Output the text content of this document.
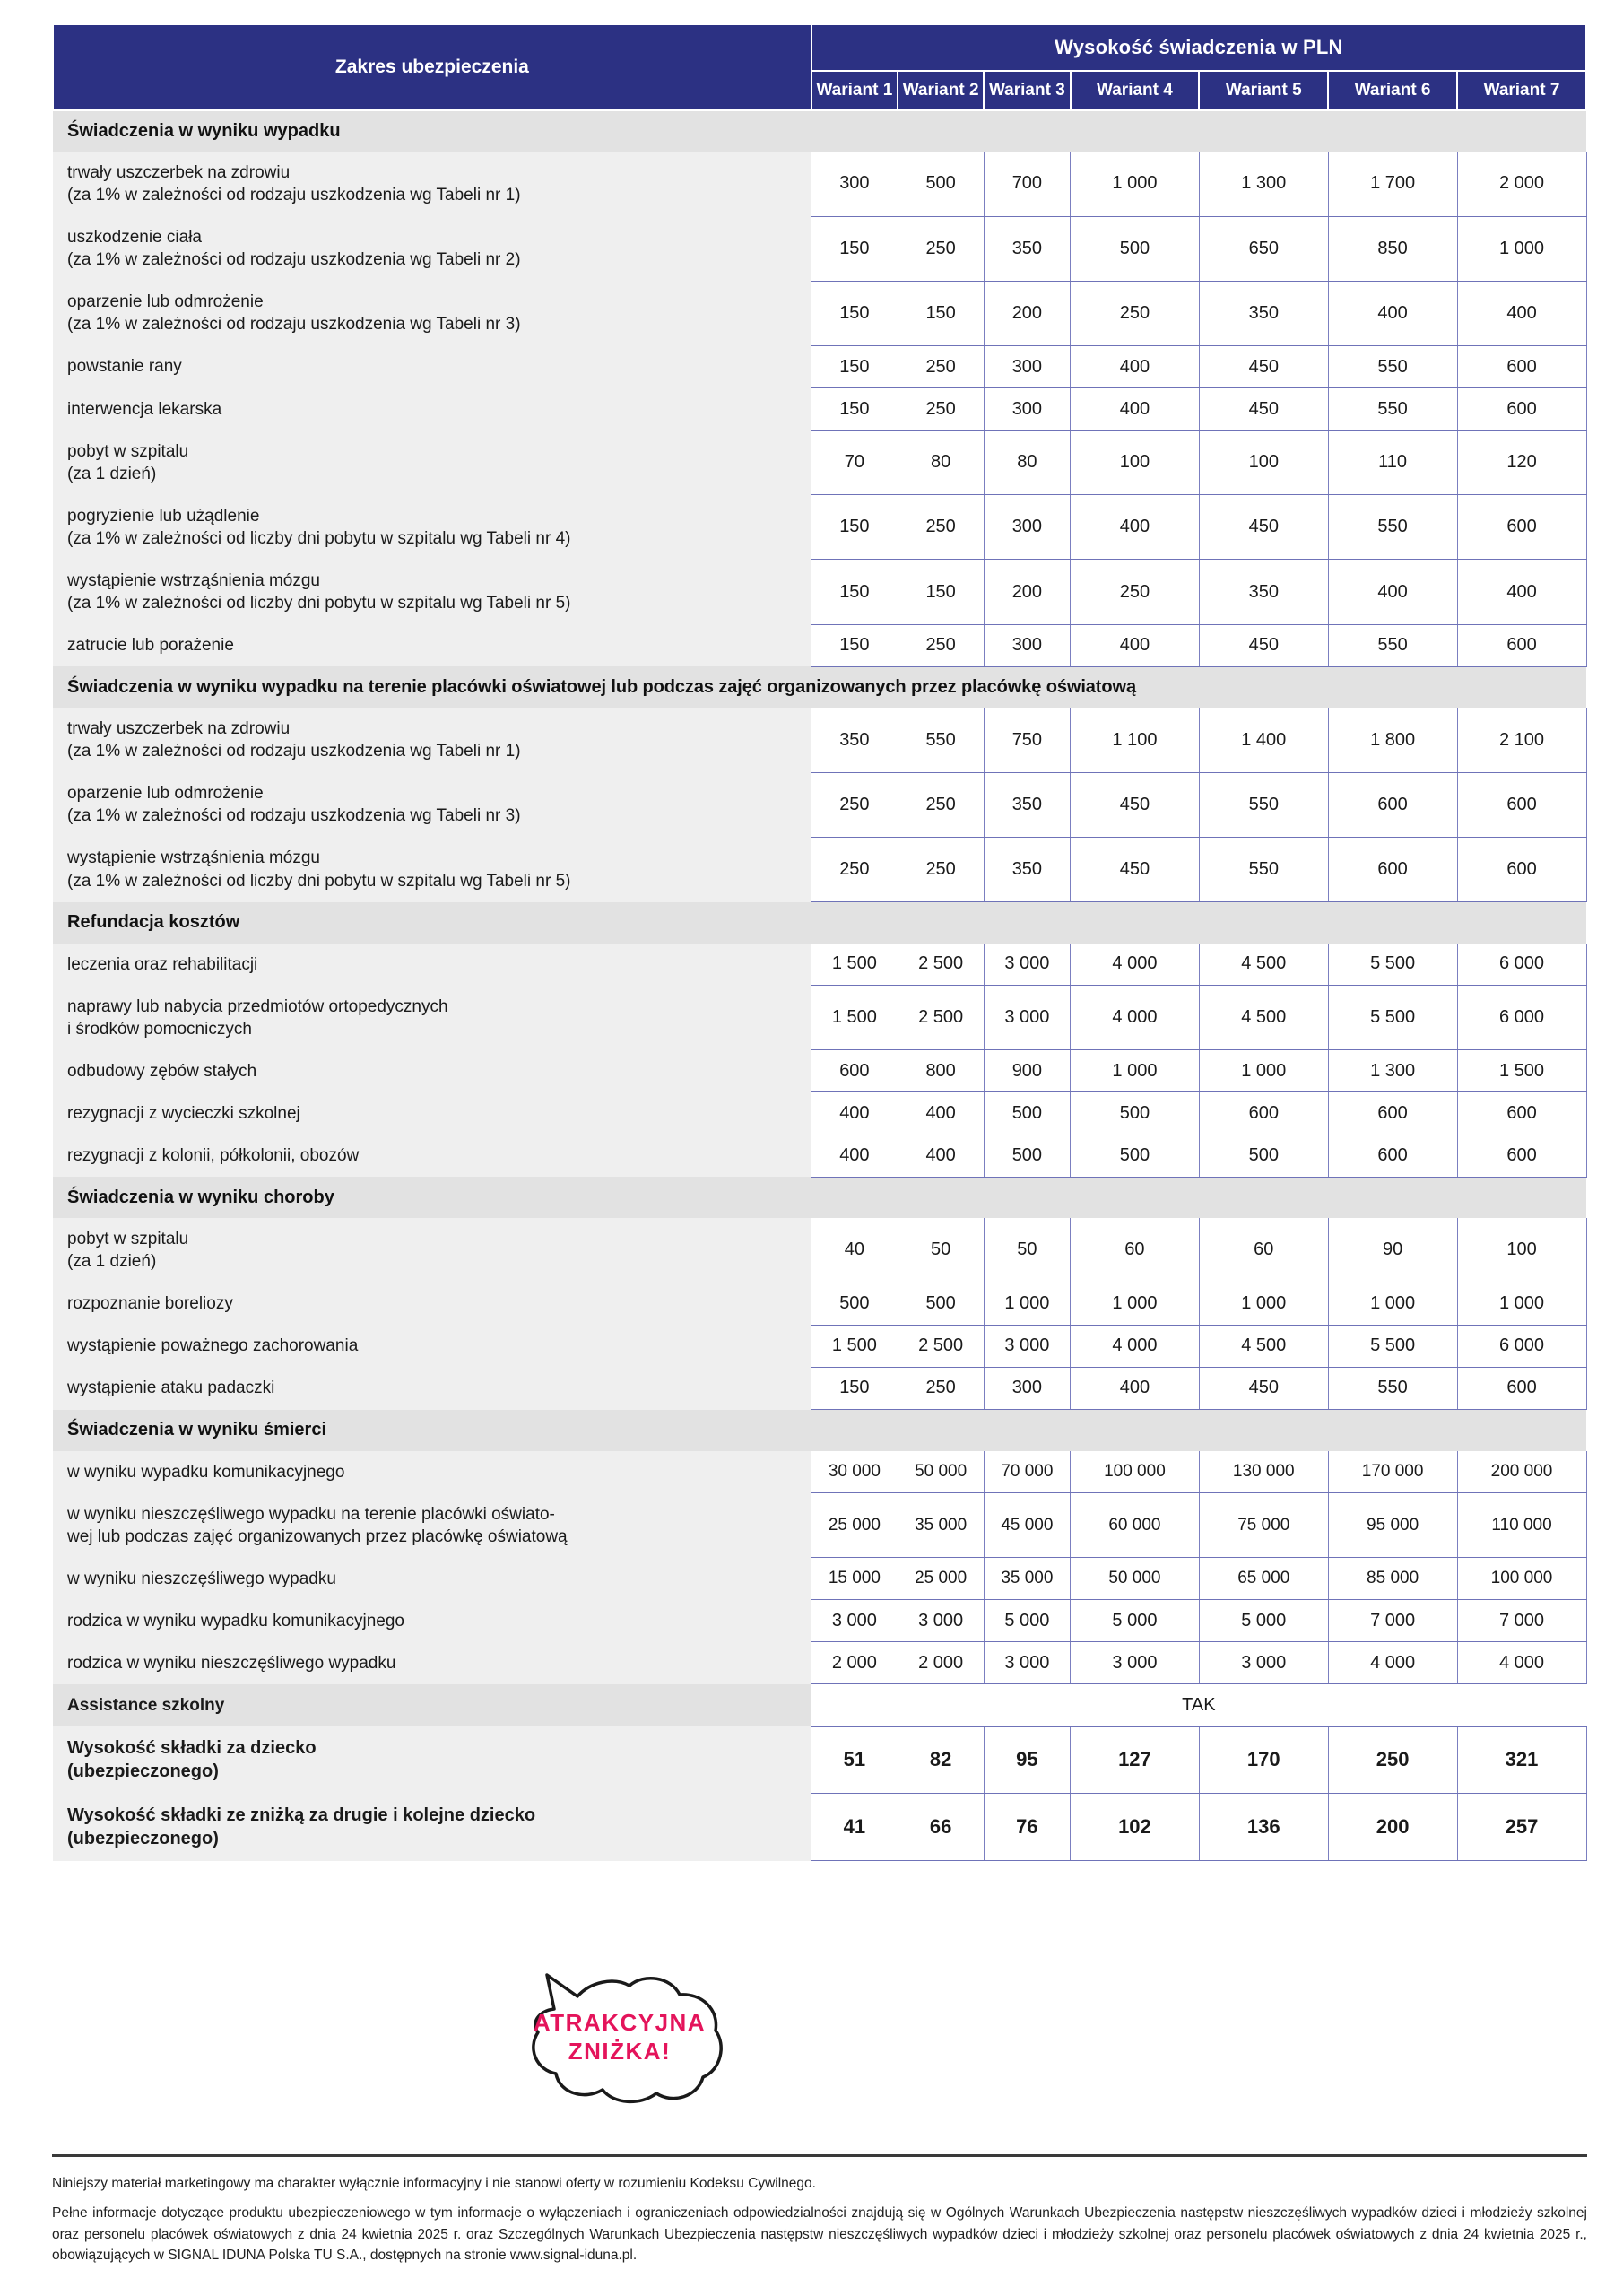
Zakres ubezpieczenia	Wysokość świadczenia w PLN						
	Wariant 1	Wariant 2	Wariant 3	Wariant 4	Wariant 5	Wariant 6	Wariant 7
Świadczenia w wyniku wypadku							
trwały uszczerbek na zdrowiu
(za 1% w zależności od rodzaju uszkodzenia wg Tabeli nr 1)	300	500	700	1 000	1 300	1 700	2 000
uszkodzenie ciała
(za 1% w zależności od rodzaju uszkodzenia wg Tabeli nr 2)	150	250	350	500	650	850	1 000
oparzenie lub odmrożenie
(za 1% w zależności od rodzaju uszkodzenia wg Tabeli nr 3)	150	150	200	250	350	400	400
powstanie rany	150	250	300	400	450	550	600
interwencja lekarska	150	250	300	400	450	550	600
pobyt w szpitalu
(za 1 dzień)	70	80	80	100	100	110	120
pogryzienie lub użądlenie
(za 1% w zależności od liczby dni pobytu w szpitalu wg Tabeli nr 4)	150	250	300	400	450	550	600
wystąpienie wstrząśnienia mózgu
(za 1% w zależności od liczby dni pobytu w szpitalu wg Tabeli nr 5)	150	150	200	250	350	400	400
zatrucie lub porażenie	150	250	300	400	450	550	600
Świadczenia w wyniku wypadku na terenie placówki oświatowej lub podczas zajęć organizowanych przez placówkę oświatową							
trwały uszczerbek na zdrowiu
(za 1% w zależności od rodzaju uszkodzenia wg Tabeli nr 1)	350	550	750	1 100	1 400	1 800	2 100
oparzenie lub odmrożenie
(za 1% w zależności od rodzaju uszkodzenia wg Tabeli nr 3)	250	250	350	450	550	600	600
wystąpienie wstrząśnienia mózgu
(za 1% w zależności od liczby dni pobytu w szpitalu wg Tabeli nr 5)	250	250	350	450	550	600	600
Refundacja kosztów							
leczenia oraz rehabilitacji	1 500	2 500	3 000	4 000	4 500	5 500	6 000
naprawy lub nabycia przedmiotów ortopedycznych
i środków pomocniczych	1 500	2 500	3 000	4 000	4 500	5 500	6 000
odbudowy zębów stałych	600	800	900	1 000	1 000	1 300	1 500
rezygnacji z wycieczki szkolnej	400	400	500	500	600	600	600
rezygnacji z kolonii, półkolonii, obozów	400	400	500	500	500	600	600
Świadczenia w wyniku choroby							
pobyt w szpitalu
(za 1 dzień)	40	50	50	60	60	90	100
rozpoznanie boreliozy	500	500	1 000	1 000	1 000	1 000	1 000
wystąpienie poważnego zachorowania	1 500	2 500	3 000	4 000	4 500	5 500	6 000
wystąpienie ataku padaczki	150	250	300	400	450	550	600
Świadczenia w wyniku śmierci							
w wyniku wypadku komunikacyjnego	30 000	50 000	70 000	100 000	130 000	170 000	200 000
w wyniku nieszczęśliwego wypadku na terenie placówki oświato-
wej lub podczas zajęć organizowanych przez placówkę oświatową	25 000	35 000	45 000	60 000	75 000	95 000	110 000
w wyniku nieszczęśliwego wypadku	15 000	25 000	35 000	50 000	65 000	85 000	100 000
rodzica w wyniku wypadku komunikacyjnego	3 000	3 000	5 000	5 000	5 000	7 000	7 000
rodzica w wyniku nieszczęśliwego wypadku	2 000	2 000	3 000	3 000	3 000	4 000	4 000
Assistance szkolny	TAK						
Wysokość składki za dziecko
(ubezpieczonego)	51	82	95	127	170	250	321
Wysokość składki ze zniżką za drugie i kolejne dziecko
(ubezpieczonego)	41	66	76	102	136	200	257
ATRAKCYJNA
ZNIŻKA!

Niniejszy materiał marketingowy ma charakter wyłącznie informacyjny i nie stanowi oferty w rozumieniu Kodeksu Cywilnego.

Pełne informacje dotyczące produktu ubezpieczeniowego w tym informacje o wyłączeniach i ograniczeniach odpowiedzialności znajdują się w Ogólnych Warunkach Ubezpieczenia następstw nieszczęśliwych wypadków dzieci i młodzieży szkolnej oraz personelu placówek oświatowych z dnia 24 kwietnia 2025 r. oraz Szczególnych Warunkach Ubezpieczenia następstw nieszczęśliwych wypadków dzieci i młodzieży szkolnej oraz personelu placówek oświatowych z dnia 24 kwietnia 2025 r., obowiązujących w SIGNAL IDUNA Polska TU S.A., dostępnych na stronie www.signal-iduna.pl.
